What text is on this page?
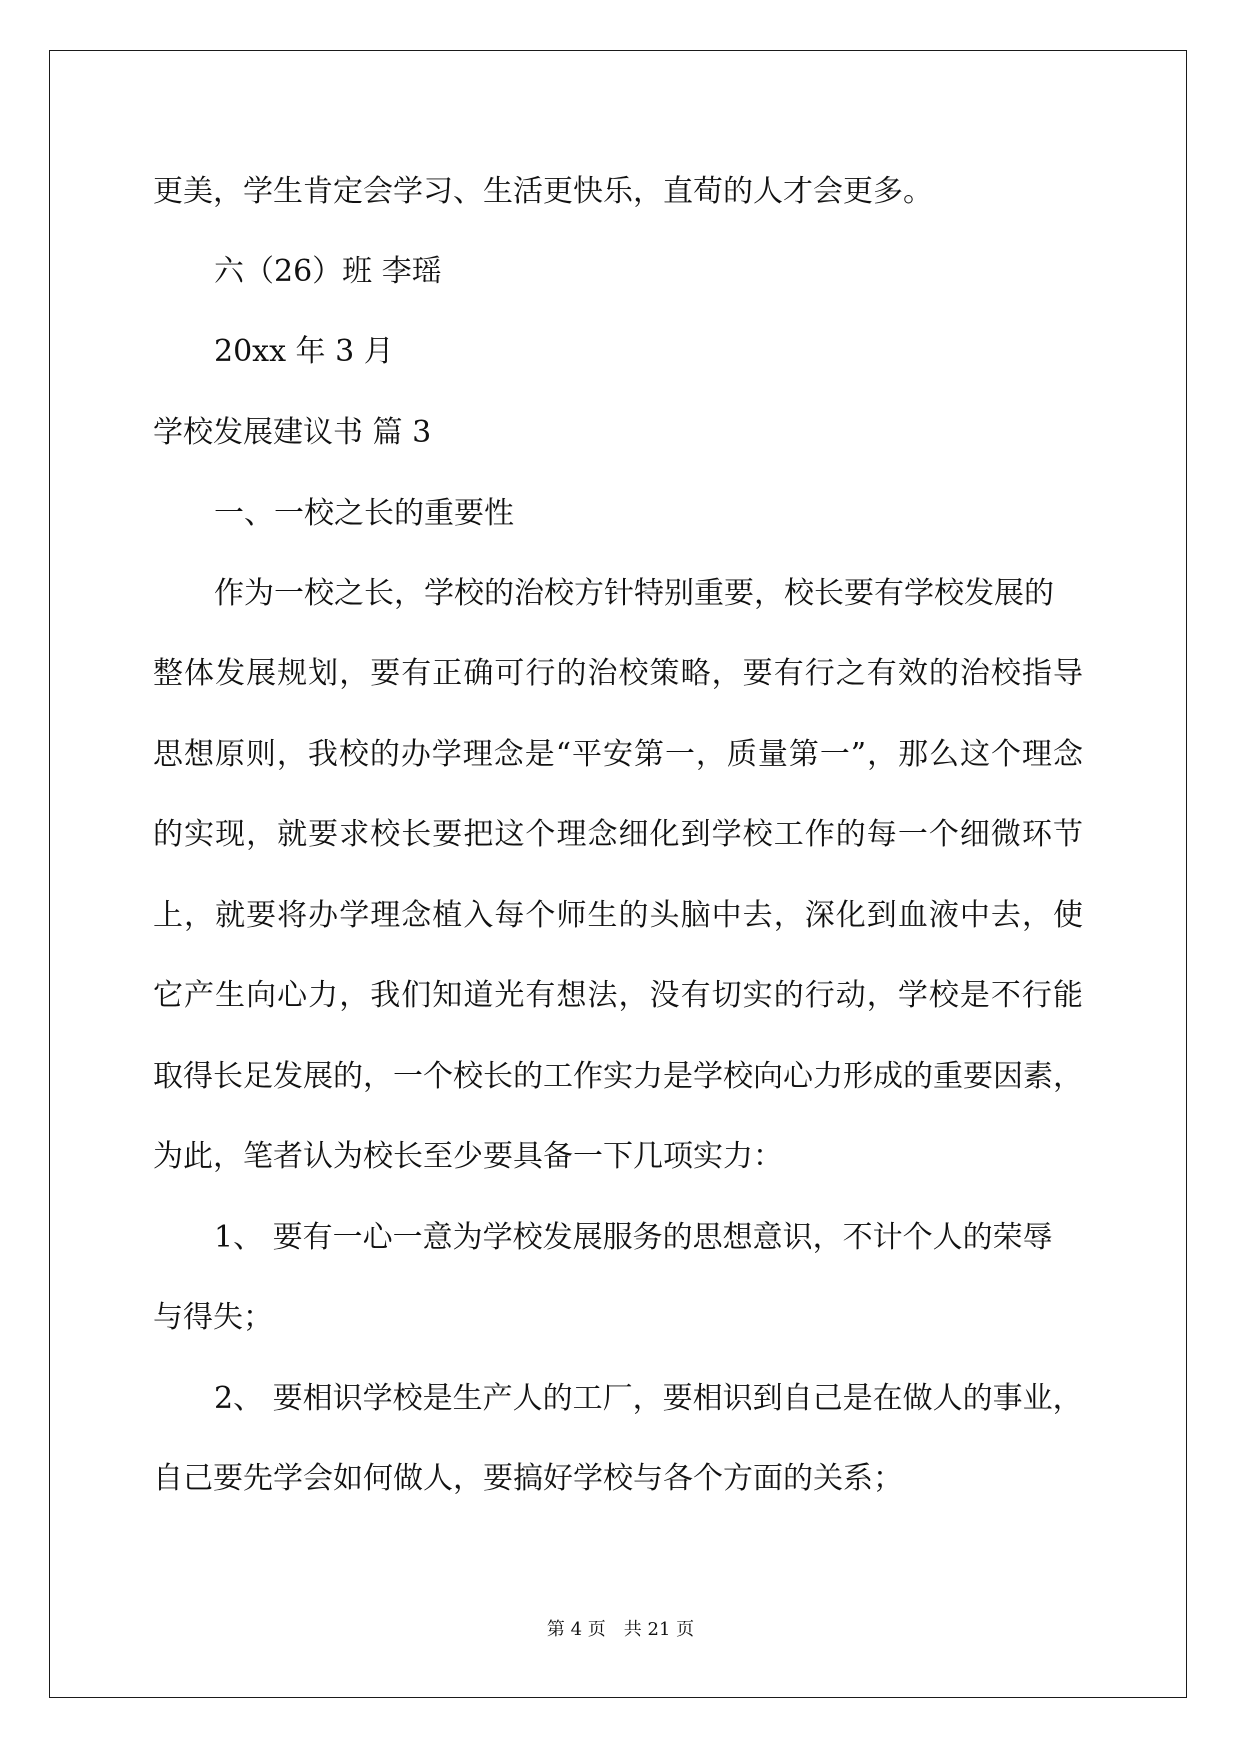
更美，学生肯定会学习、生活更快乐，直荀的人才会更多。

六（26）班 李瑶

20xx 年 3 月

学校发展建议书 篇 3

一、一校之长的重要性

作为一校之长，学校的治校方针特别重要，校长要有学校发展的

整体发展规划，要有正确可行的治校策略，要有行之有效的治校指导

思想原则，我校的办学理念是“平安第一，质量第一”，那么这个理念

的实现，就要求校长要把这个理念细化到学校工作的每一个细微环节

上，就要将办学理念植入每个师生的头脑中去，深化到血液中去，使

它产生向心力，我们知道光有想法，没有切实的行动，学校是不行能

取得长足发展的，一个校长的工作实力是学校向心力形成的重要因素，

为此，笔者认为校长至少要具备一下几项实力：

1、 要有一心一意为学校发展服务的思想意识，不计个人的荣辱

与得失；

2、 要相识学校是生产人的工厂，要相识到自己是在做人的事业，

自己要先学会如何做人，要搞好学校与各个方面的关系；

第 4 页　共 21 页
